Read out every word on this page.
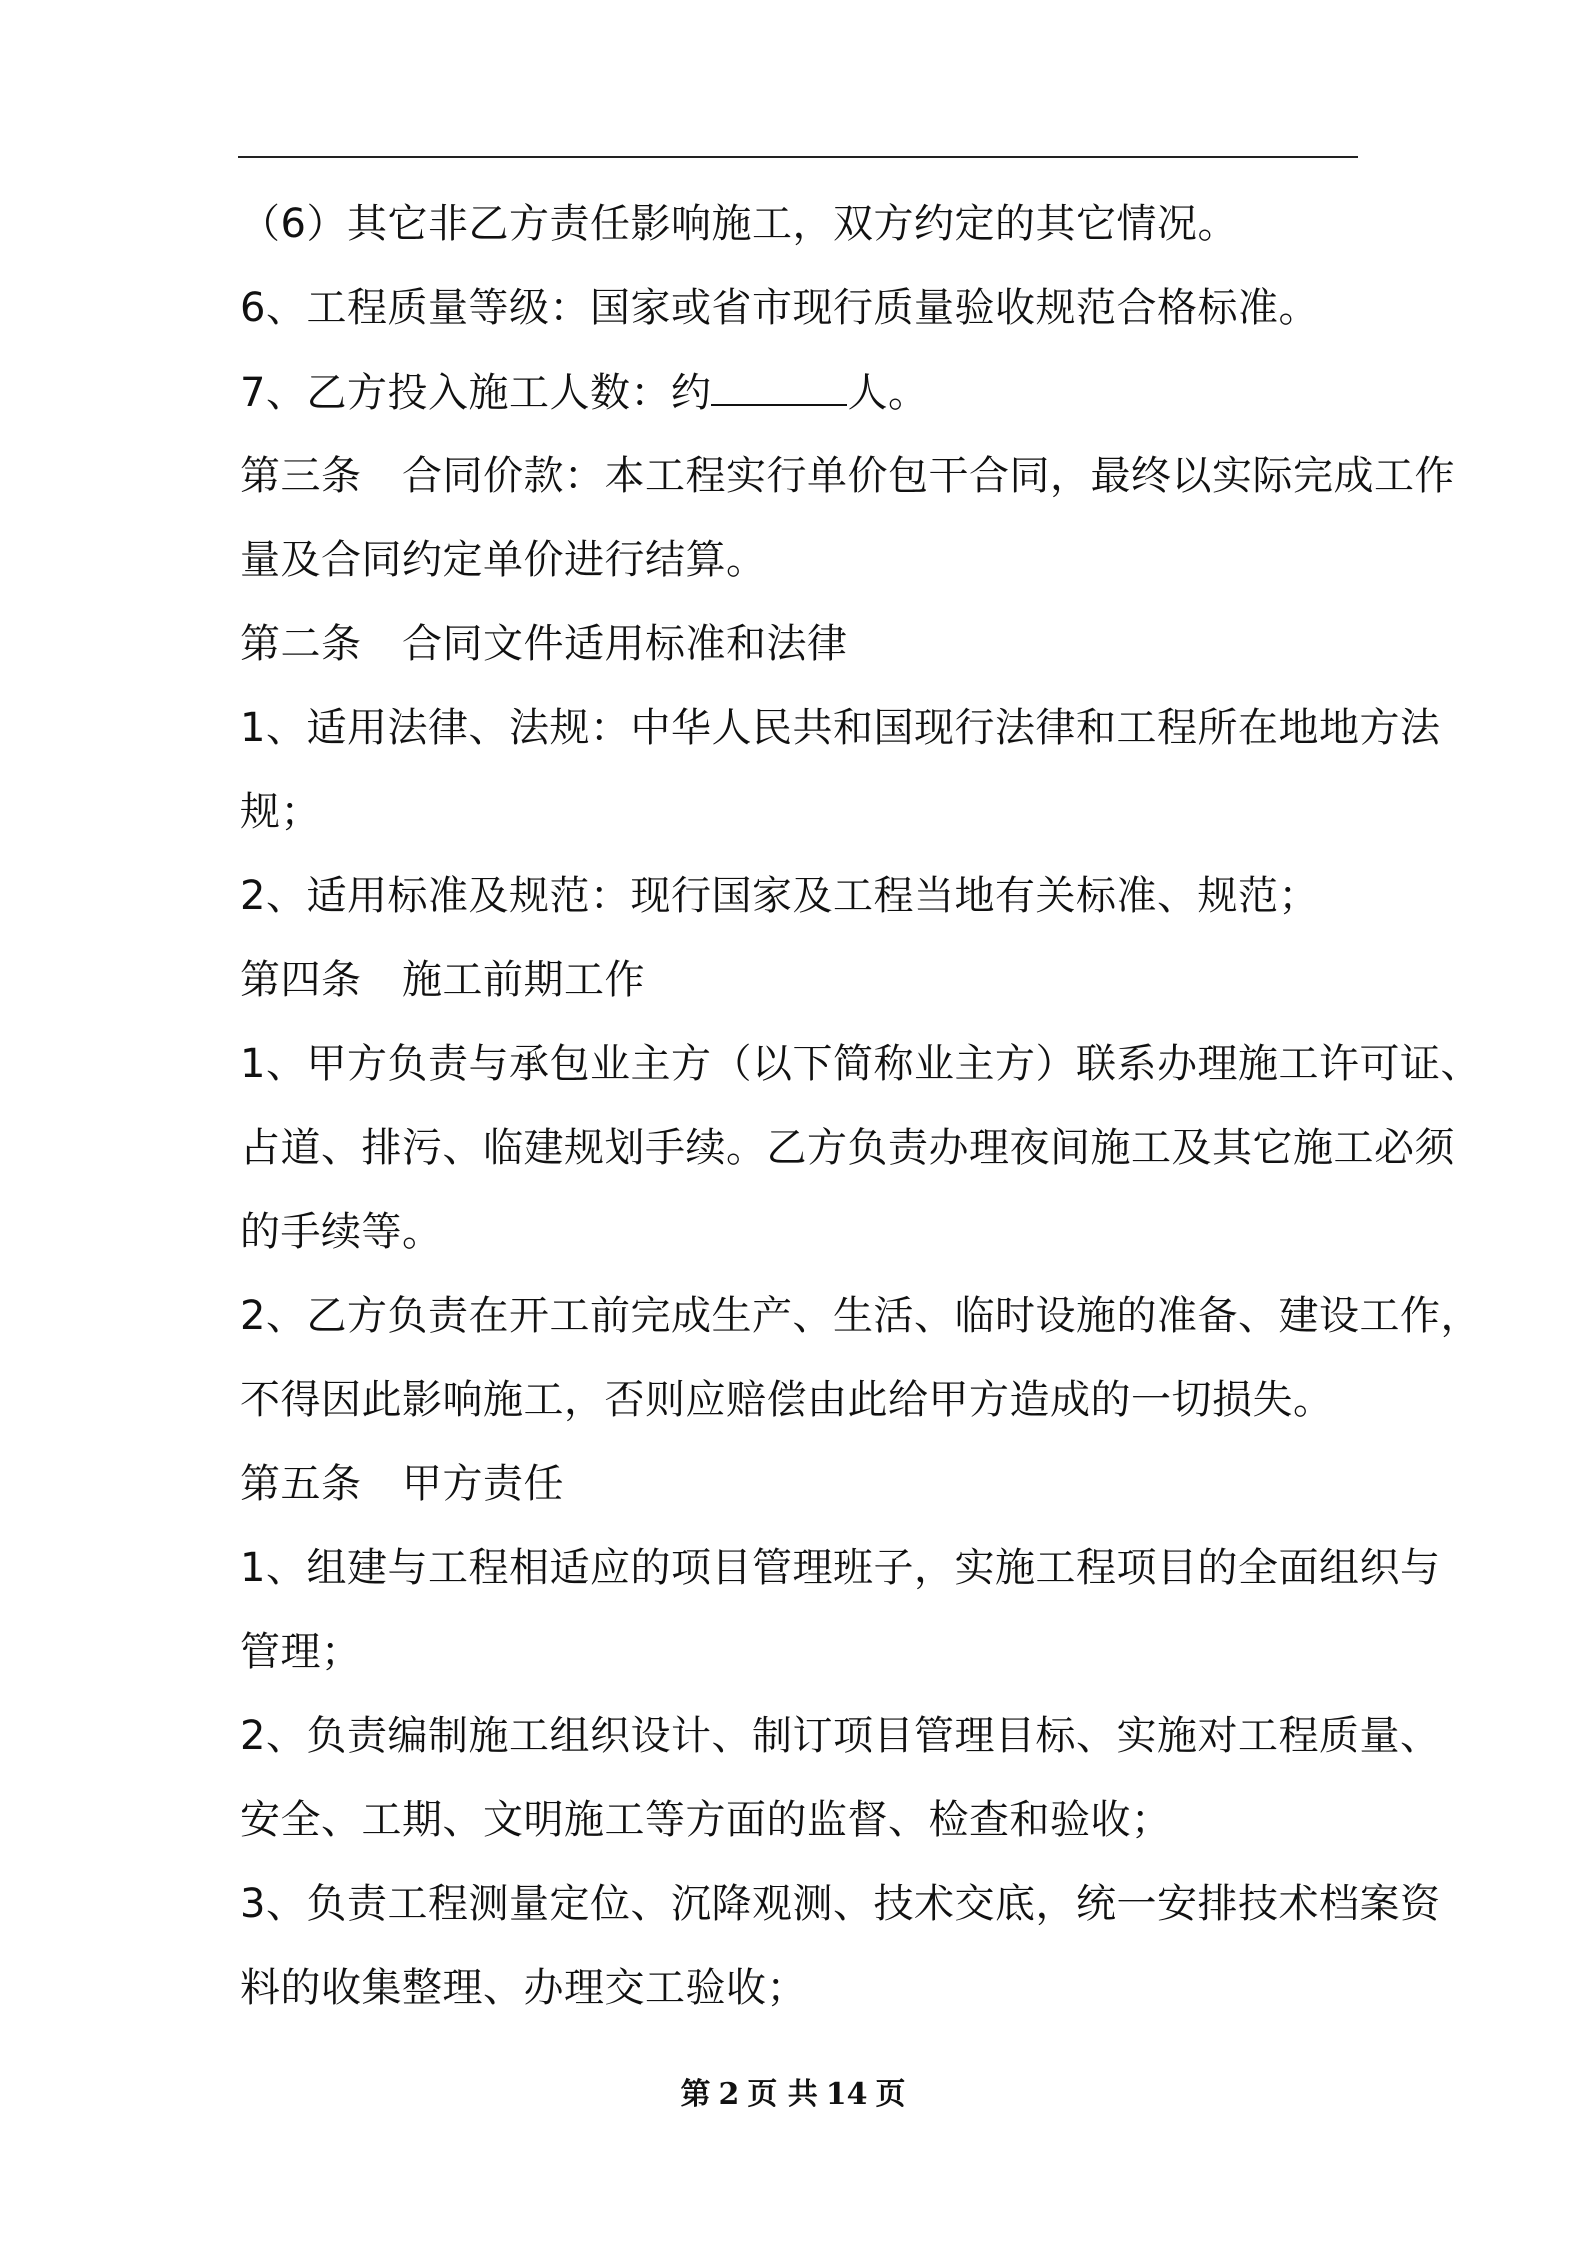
（6）其它非乙方责任影响施工，双方约定的其它情况。
6、工程质量等级：国家或省市现行质量验收规范合格标准。
7、乙方投入施工人数：约	人。
第三条　合同价款：本工程实行单价包干合同，最终以实际完成工作
量及合同约定单价进行结算。
第二条　合同文件适用标准和法律
1、适用法律、法规：中华人民共和国现行法律和工程所在地地方法
规；
2、适用标准及规范：现行国家及工程当地有关标准、规范；
第四条　施工前期工作
1、甲方负责与承包业主方（以下简称业主方）联系办理施工许可证、
占道、排污、临建规划手续。乙方负责办理夜间施工及其它施工必须
的手续等。
2、乙方负责在开工前完成生产、生活、临时设施的准备、建设工作，
不得因此影响施工，否则应赔偿由此给甲方造成的一切损失。
第五条　甲方责任
1、组建与工程相适应的项目管理班子，实施工程项目的全面组织与
管理；
2、负责编制施工组织设计、制订项目管理目标、实施对工程质量、
安全、工期、文明施工等方面的监督、检查和验收；
3、负责工程测量定位、沉降观测、技术交底，统一安排技术档案资
料的收集整理、办理交工验收；
第 2 页 共 14 页
